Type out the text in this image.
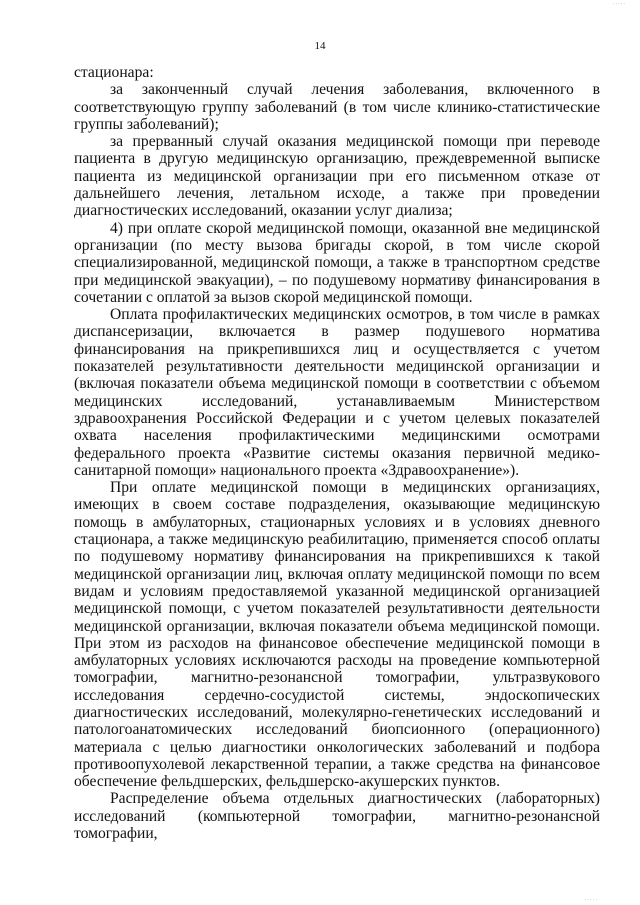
·····
14

стационара:

за законченный случай лечения заболевания, включенного в соответствующую группу заболеваний (в том числе клинико-статистические группы заболеваний);

за прерванный случай оказания медицинской помощи при переводе пациента в другую медицинскую организацию, преждевременной выписке пациента из медицинской организации при его письменном отказе от дальнейшего лечения, летальном исходе, а также при проведении диагностических исследований, оказании услуг диализа;

4) при оплате скорой медицинской помощи, оказанной вне медицинской организации (по месту вызова бригады скорой, в том числе скорой специализированной, медицинской помощи, а также в транспортном средстве при медицинской эвакуации), – по подушевому нормативу финансирования в сочетании с оплатой за вызов скорой медицинской помощи.

Оплата профилактических медицинских осмотров, в том числе в рамках диспансеризации, включается в размер подушевого норматива финансирования на прикрепившихся лиц и осуществляется с учетом показателей результативности деятельности медицинской организации и (включая показатели объема медицинской помощи в соответствии с объемом медицинских исследований, устанавливаемым Министерством здравоохранения Российской Федерации и с учетом целевых показателей охвата населения профилактическими медицинскими осмотрами федерального проекта «Развитие системы оказания первичной медико-санитарной помощи» национального проекта «Здравоохранение»).

При оплате медицинской помощи в медицинских организациях, имеющих в своем составе подразделения, оказывающие медицинскую помощь в амбулаторных, стационарных условиях и в условиях дневного стационара, а также медицинскую реабилитацию, применяется способ оплаты по подушевому нормативу финансирования на прикрепившихся к такой медицинской организации лиц, включая оплату медицинской помощи по всем видам и условиям предоставляемой указанной медицинской организацией медицинской помощи, с учетом показателей результативности деятельности медицинской организации, включая показатели объема медицинской помощи. При этом из расходов на финансовое обеспечение медицинской помощи в амбулаторных условиях исключаются расходы на проведение компьютерной томографии, магнитно-резонансной томографии, ультразвукового исследования сердечно-сосудистой системы, эндоскопических диагностических исследований, молекулярно-генетических исследований и патологоанатомических исследований биопсионного (операционного) материала с целью диагностики онкологических заболеваний и подбора противоопухолевой лекарственной терапии, а также средства на финансовое обеспечение фельдшерских, фельдшерско-акушерских пунктов.

Распределение объема отдельных диагностических (лабораторных) исследований (компьютерной томографии, магнитно-резонансной томографии,

·····
